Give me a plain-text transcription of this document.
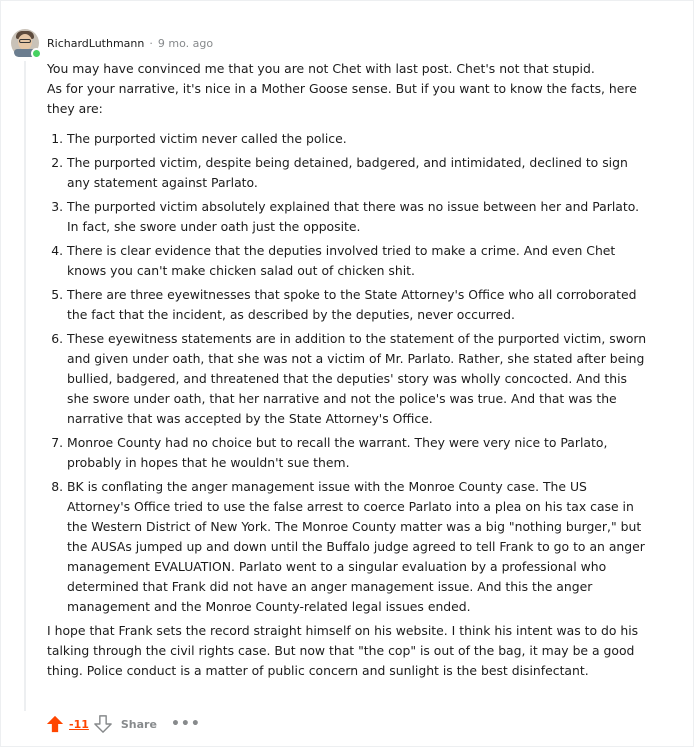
RichardLuthmann · 9 mo. ago

You may have convinced me that you are not Chet with last post. Chet's not that stupid.

As for your narrative, it's nice in a Mother Goose sense. But if you want to know the facts, here they are:

1. The purported victim never called the police.
2. The purported victim, despite being detained, badgered, and intimidated, declined to sign any statement against Parlato.
3. The purported victim absolutely explained that there was no issue between her and Parlato. In fact, she swore under oath just the opposite.
4. There is clear evidence that the deputies involved tried to make a crime. And even Chet knows you can't make chicken salad out of chicken shit.
5. There are three eyewitnesses that spoke to the State Attorney's Office who all corroborated the fact that the incident, as described by the deputies, never occurred.
6. These eyewitness statements are in addition to the statement of the purported victim, sworn and given under oath, that she was not a victim of Mr. Parlato. Rather, she stated after being bullied, badgered, and threatened that the deputies' story was wholly concocted. And this she swore under oath, that her narrative and not the police's was true. And that was the narrative that was accepted by the State Attorney's Office.
7. Monroe County had no choice but to recall the warrant. They were very nice to Parlato, probably in hopes that he wouldn't sue them.
8. BK is conflating the anger management issue with the Monroe County case. The US Attorney's Office tried to use the false arrest to coerce Parlato into a plea on his tax case in the Western District of New York. The Monroe County matter was a big "nothing burger," but the AUSAs jumped up and down until the Buffalo judge agreed to tell Frank to go to an anger management EVALUATION. Parlato went to a singular evaluation by a professional who determined that Frank did not have an anger management issue. And this the anger management and the Monroe County-related legal issues ended.

I hope that Frank sets the record straight himself on his website. I think his intent was to do his talking through the civil rights case. But now that "the cop" is out of the bag, it may be a good thing. Police conduct is a matter of public concern and sunlight is the best disinfectant.

-11	Share •••
